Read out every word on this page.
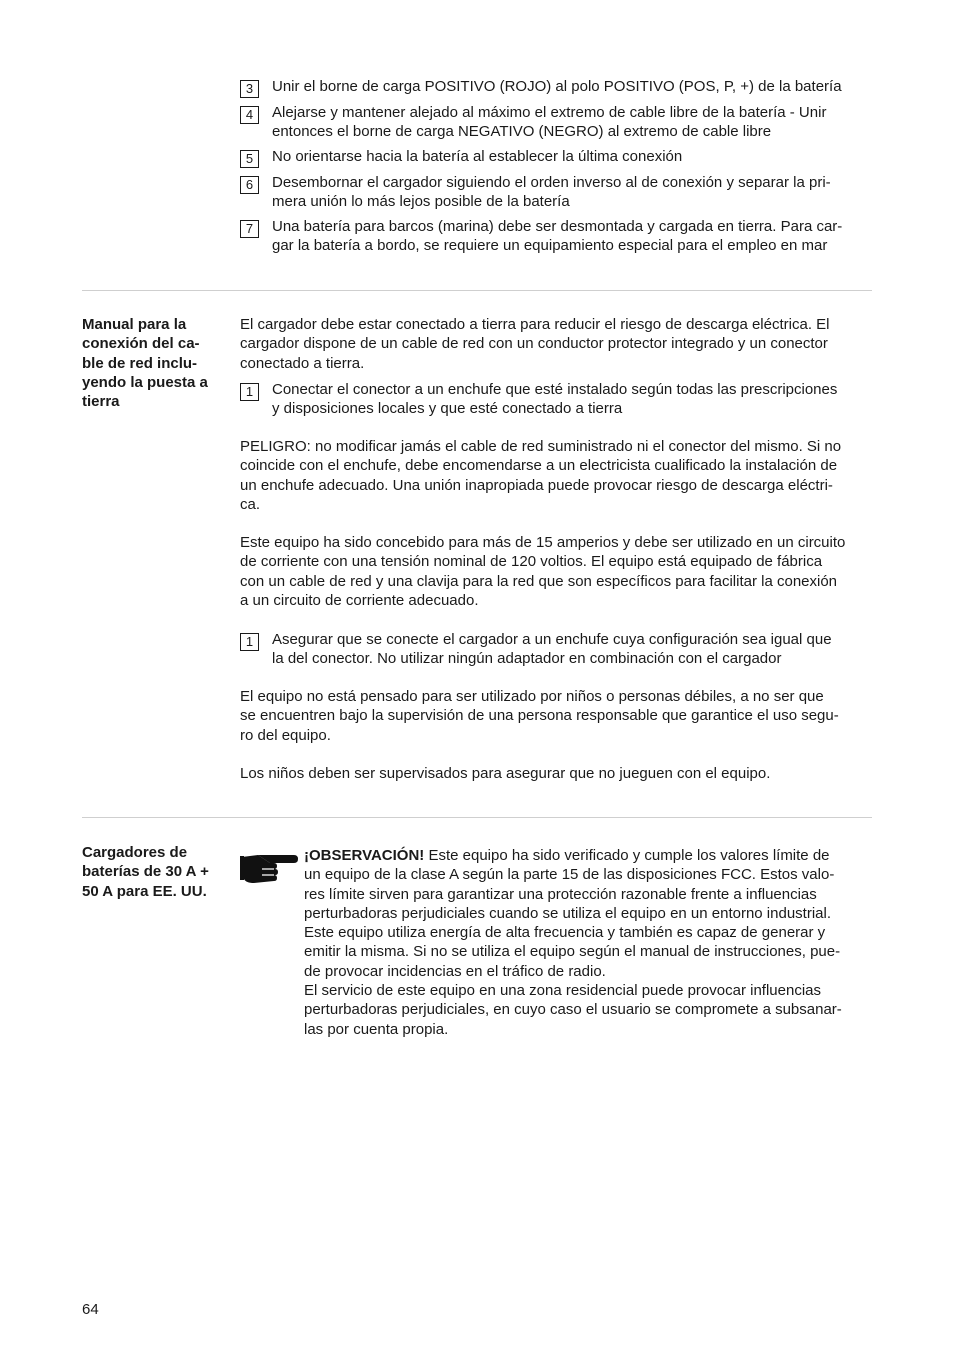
3	Unir el borne de carga POSITIVO (ROJO) al polo POSITIVO (POS, P, +) de la batería
4	Alejarse y mantener alejado al máximo el extremo de cable libre de la batería - Unir
entonces el borne de carga NEGATIVO (NEGRO) al extremo de cable libre
5	No orientarse hacia la batería al establecer la última conexión
6	Desembornar el cargador siguiendo el orden inverso al de conexión y separar la pri-
mera unión lo más lejos posible de la batería
7	Una batería para barcos (marina) debe ser desmontada y cargada en tierra. Para car-
gar la batería a bordo, se requiere un equipamiento especial para el empleo en mar
Manual para la
conexión del ca-
ble de red inclu-
yendo la puesta a
tierra
El cargador debe estar conectado a tierra para reducir el riesgo de descarga eléctrica. El
cargador dispone de un cable de red con un conductor protector integrado y un conector
conectado a tierra.
1	Conectar el conector a un enchufe que esté instalado según todas las prescripciones
y disposiciones locales y que esté conectado a tierra
PELIGRO: no modificar jamás el cable de red suministrado ni el conector del mismo. Si no
coincide con el enchufe, debe encomendarse a un electricista cualificado la instalación de
un enchufe adecuado. Una unión inapropiada puede provocar riesgo de descarga eléctri-
ca.
Este equipo ha sido concebido para más de 15 amperios y debe ser utilizado en un circuito
de corriente con una tensión nominal de 120 voltios. El equipo está equipado de fábrica
con un cable de red y una clavija para la red que son específicos para facilitar la conexión
a un circuito de corriente adecuado.
1	Asegurar que se conecte el cargador a un enchufe cuya configuración sea igual que
la del conector. No utilizar ningún adaptador en combinación con el cargador
El equipo no está pensado para ser utilizado por niños o personas débiles, a no ser que
se encuentren bajo la supervisión de una persona responsable que garantice el uso segu-
ro del equipo.
Los niños deben ser supervisados para asegurar que no jueguen con el equipo.
Cargadores de
baterías de 30 A +
50 A para EE. UU.
¡OBSERVACIÓN! Este equipo ha sido verificado y cumple los valores límite de
un equipo de la clase A según la parte 15 de las disposiciones FCC. Estos valo-
res límite sirven para garantizar una protección razonable frente a influencias
perturbadoras perjudiciales cuando se utiliza el equipo en un entorno industrial.
Este equipo utiliza energía de alta frecuencia y también es capaz de generar y
emitir la misma. Si no se utiliza el equipo según el manual de instrucciones, pue-
de provocar incidencias en el tráfico de radio.
El servicio de este equipo en una zona residencial puede provocar influencias
perturbadoras perjudiciales, en cuyo caso el usuario se compromete a subsanar-
las por cuenta propia.
64
